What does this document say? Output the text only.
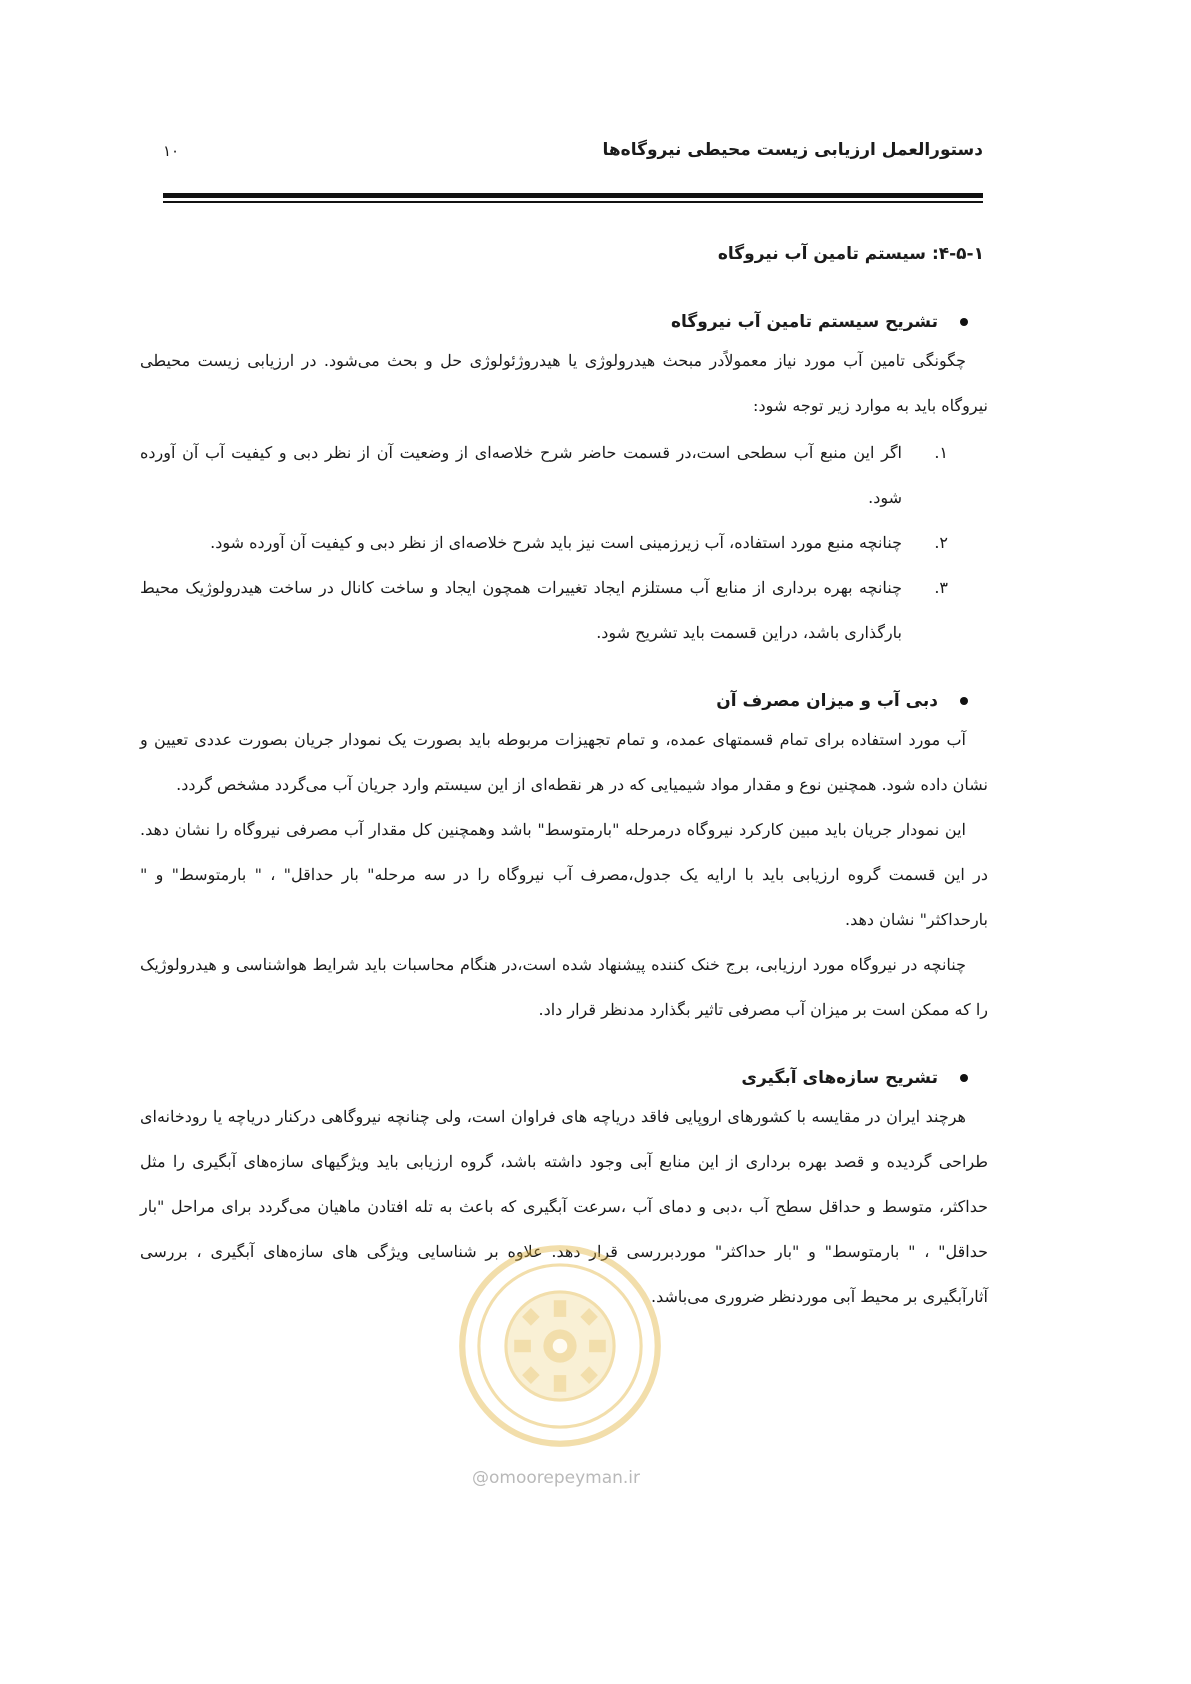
دستورالعمل ارزیابی زیست محیطی نیروگاه‌ها
۱۰
۴-۵-۱: سیستم تامین آب نیروگاه
تشریح سیستم تامین آب نیروگاه

چگونگی تامین آب مورد نیاز معمولاًدر مبحث هیدرولوژی یا هیدروژئولوژی حل و بحث می‌شود. در ارزیابی زیست محیطی نیروگاه باید به موارد زیر توجه شود:

۱.
اگر این منبع آب سطحی است،در قسمت حاضر شرح خلاصه‌ای از وضعیت آن از نظر دبی و کیفیت آب آن آورده شود.
۲.
چنانچه منبع مورد استفاده، آب زیرزمینی است نیز باید شرح خلاصه‌ای از نظر دبی و کیفیت آن آورده شود.
۳.
چنانچه بهره برداری از منابع آب مستلزم ایجاد تغییرات همچون ایجاد و ساخت کانال در ساخت هیدرولوژیک محیط بارگذاری باشد، دراین قسمت باید تشریح شود.
دبی آب و میزان مصرف آن

آب مورد استفاده برای تمام قسمتهای عمده، و تمام تجهیزات مربوطه باید بصورت یک نمودار جریان بصورت عددی تعیین و نشان داده شود. همچنین نوع و مقدار مواد شیمیایی که در هر نقطه‌ای از این سیستم وارد جریان آب می‌گردد مشخص گردد.

این نمودار جریان باید مبین کارکرد نیروگاه درمرحله "بارمتوسط" باشد وهمچنین کل مقدار آب مصرفی نیروگاه را نشان دهد. در این قسمت گروه ارزیابی باید با ارایه یک جدول،مصرف آب نیروگاه را در سه مرحله" بار حداقل" ، " بارمتوسط" و " بارحداکثر" نشان دهد.

چنانچه در نیروگاه مورد ارزیابی، برج خنک کننده پیشنهاد شده است،در هنگام محاسبات باید شرایط هواشناسی و هیدرولوژیک را که ممکن است بر میزان آب مصرفی تاثیر بگذارد مدنظر قرار داد.

تشریح سازه‌های آبگیری

هرچند ایران در مقایسه با کشورهای اروپایی فاقد دریاچه های فراوان است، ولی چنانچه نیروگاهی درکنار دریاچه یا رودخانه‌ای طراحی گردیده و قصد بهره برداری از این منابع آبی وجود داشته باشد، گروه ارزیابی باید ویژگیهای سازه‌های آبگیری را مثل حداکثر، متوسط و حداقل سطح آب ،دبی و دمای آب ،سرعت آبگیری که باعث به تله افتادن ماهیان می‌گردد برای مراحل "بار حداقل" ، " بارمتوسط" و "بار حداکثر" موردبررسی قرار دهد. علاوه بر شناسایی ویژگی های سازه‌های آبگیری ، بررسی آثارآبگیری بر محیط آبی موردنظر ضروری می‌باشد.

@omoorepeyman.ir
